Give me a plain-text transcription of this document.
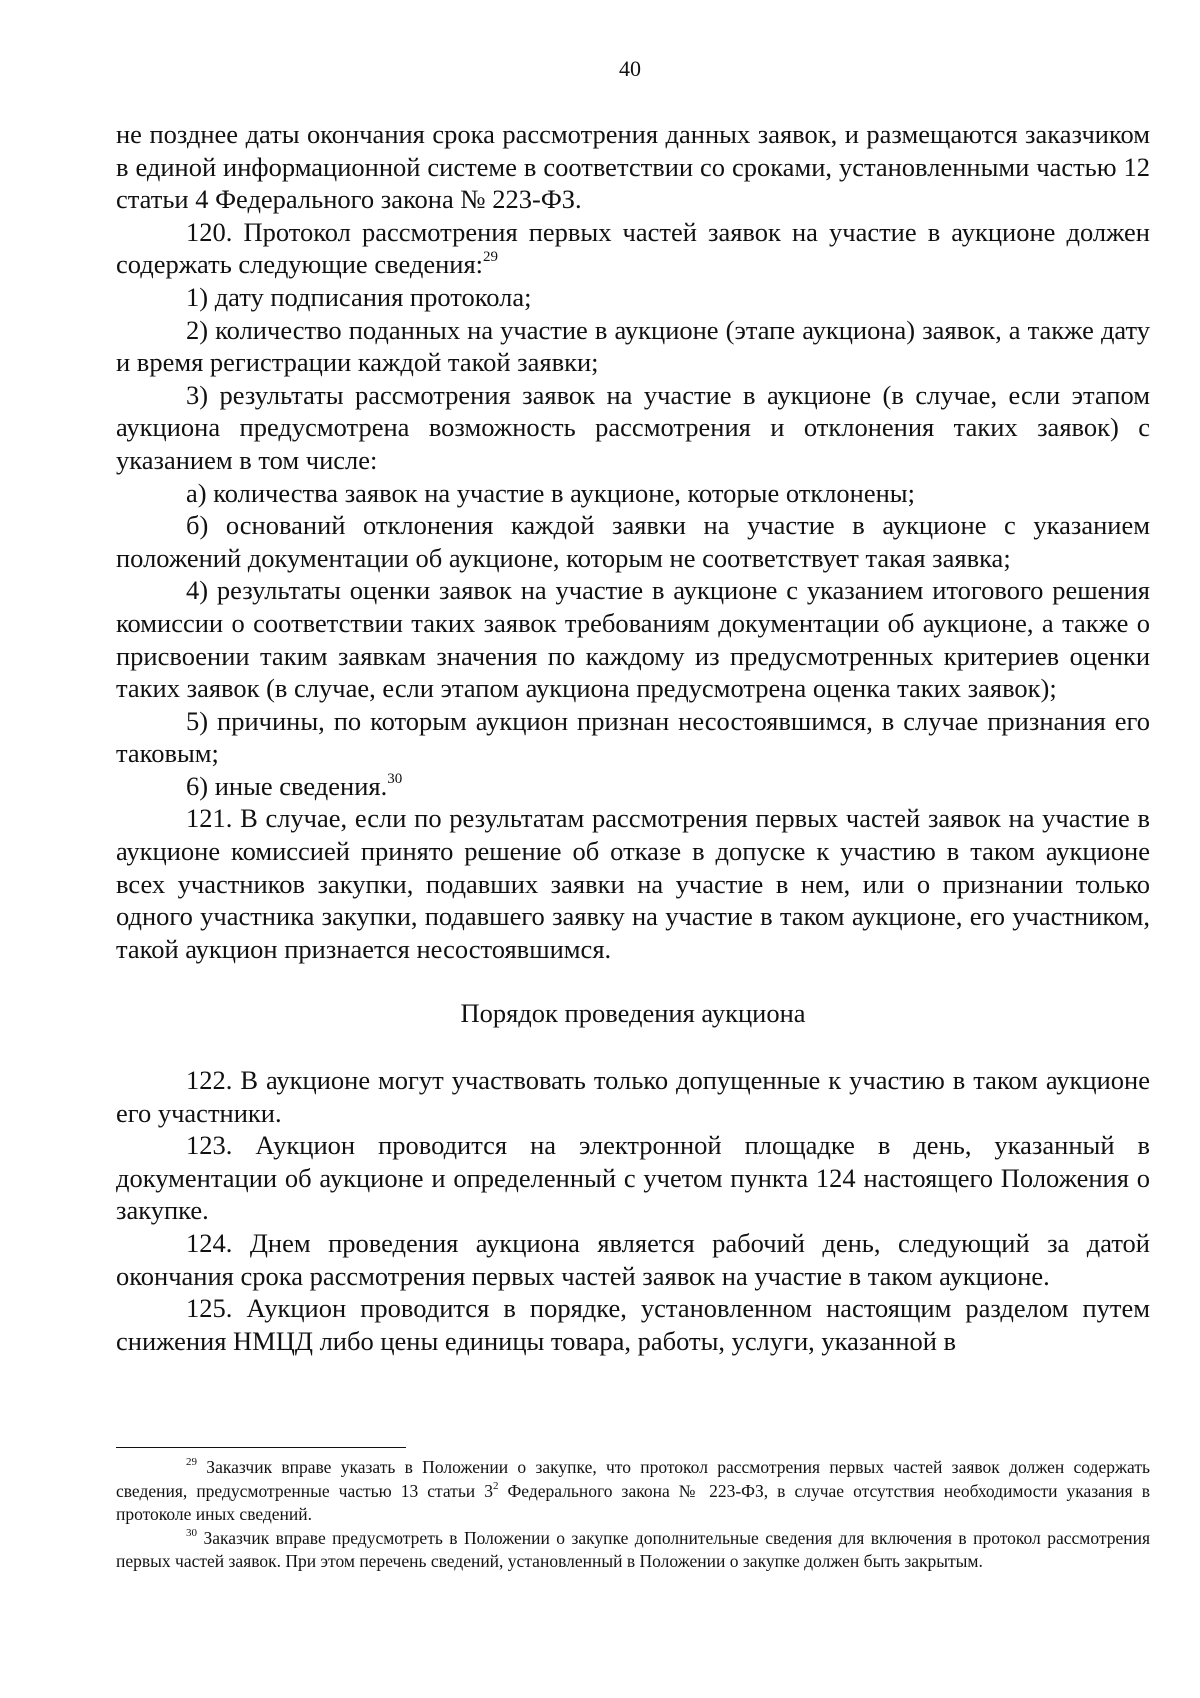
40

не позднее даты окончания срока рассмотрения данных заявок, и размещаются заказчиком в единой информационной системе в соответствии со сроками, установленными частью 12 статьи 4 Федерального закона № 223-ФЗ.

120. Протокол рассмотрения первых частей заявок на участие в аукционе должен содержать следующие сведения:$^{29}$

1) дату подписания протокола;

2) количество поданных на участие в аукционе (этапе аукциона) заявок, а также дату и время регистрации каждой такой заявки;

3) результаты рассмотрения заявок на участие в аукционе (в случае, если этапом аукциона предусмотрена возможность рассмотрения и отклонения таких заявок) с указанием в том числе:

а) количества заявок на участие в аукционе, которые отклонены;

б) оснований отклонения каждой заявки на участие в аукционе с указанием положений документации об аукционе, которым не соответствует такая заявка;

4) результаты оценки заявок на участие в аукционе с указанием итогового решения комиссии о соответствии таких заявок требованиям документации об аукционе, а также о присвоении таким заявкам значения по каждому из предусмотренных критериев оценки таких заявок (в случае, если этапом аукциона предусмотрена оценка таких заявок);

5) причины, по которым аукцион признан несостоявшимся, в случае признания его таковым;

6) иные сведения.$^{30}$

121. В случае, если по результатам рассмотрения первых частей заявок на участие в аукционе комиссией принято решение об отказе в допуске к участию в таком аукционе всех участников закупки, подавших заявки на участие в нем, или о признании только одного участника закупки, подавшего заявку на участие в таком аукционе, его участником, такой аукцион признается несостоявшимся.

Порядок проведения аукциона

122. В аукционе могут участвовать только допущенные к участию в таком аукционе его участники.

123. Аукцион проводится на электронной площадке в день, указанный в документации об аукционе и определенный с учетом пункта 124 настоящего Положения о закупке.

124. Днем проведения аукциона является рабочий день, следующий за датой окончания срока рассмотрения первых частей заявок на участие в таком аукционе.

125. Аукцион проводится в порядке, установленном настоящим разделом путем снижения НМЦД либо цены единицы товара, работы, услуги, указанной в

$^{29}$ Заказчик вправе указать в Положении о закупке, что протокол рассмотрения первых частей заявок должен содержать сведения, предусмотренные частью 13 статьи $3^2$ Федерального закона № 223-ФЗ, в случае отсутствия необходимости указания в протоколе иных сведений.

$^{30}$ Заказчик вправе предусмотреть в Положении о закупке дополнительные сведения для включения в протокол рассмотрения первых частей заявок. При этом перечень сведений, установленный в Положении о закупке должен быть закрытым.
